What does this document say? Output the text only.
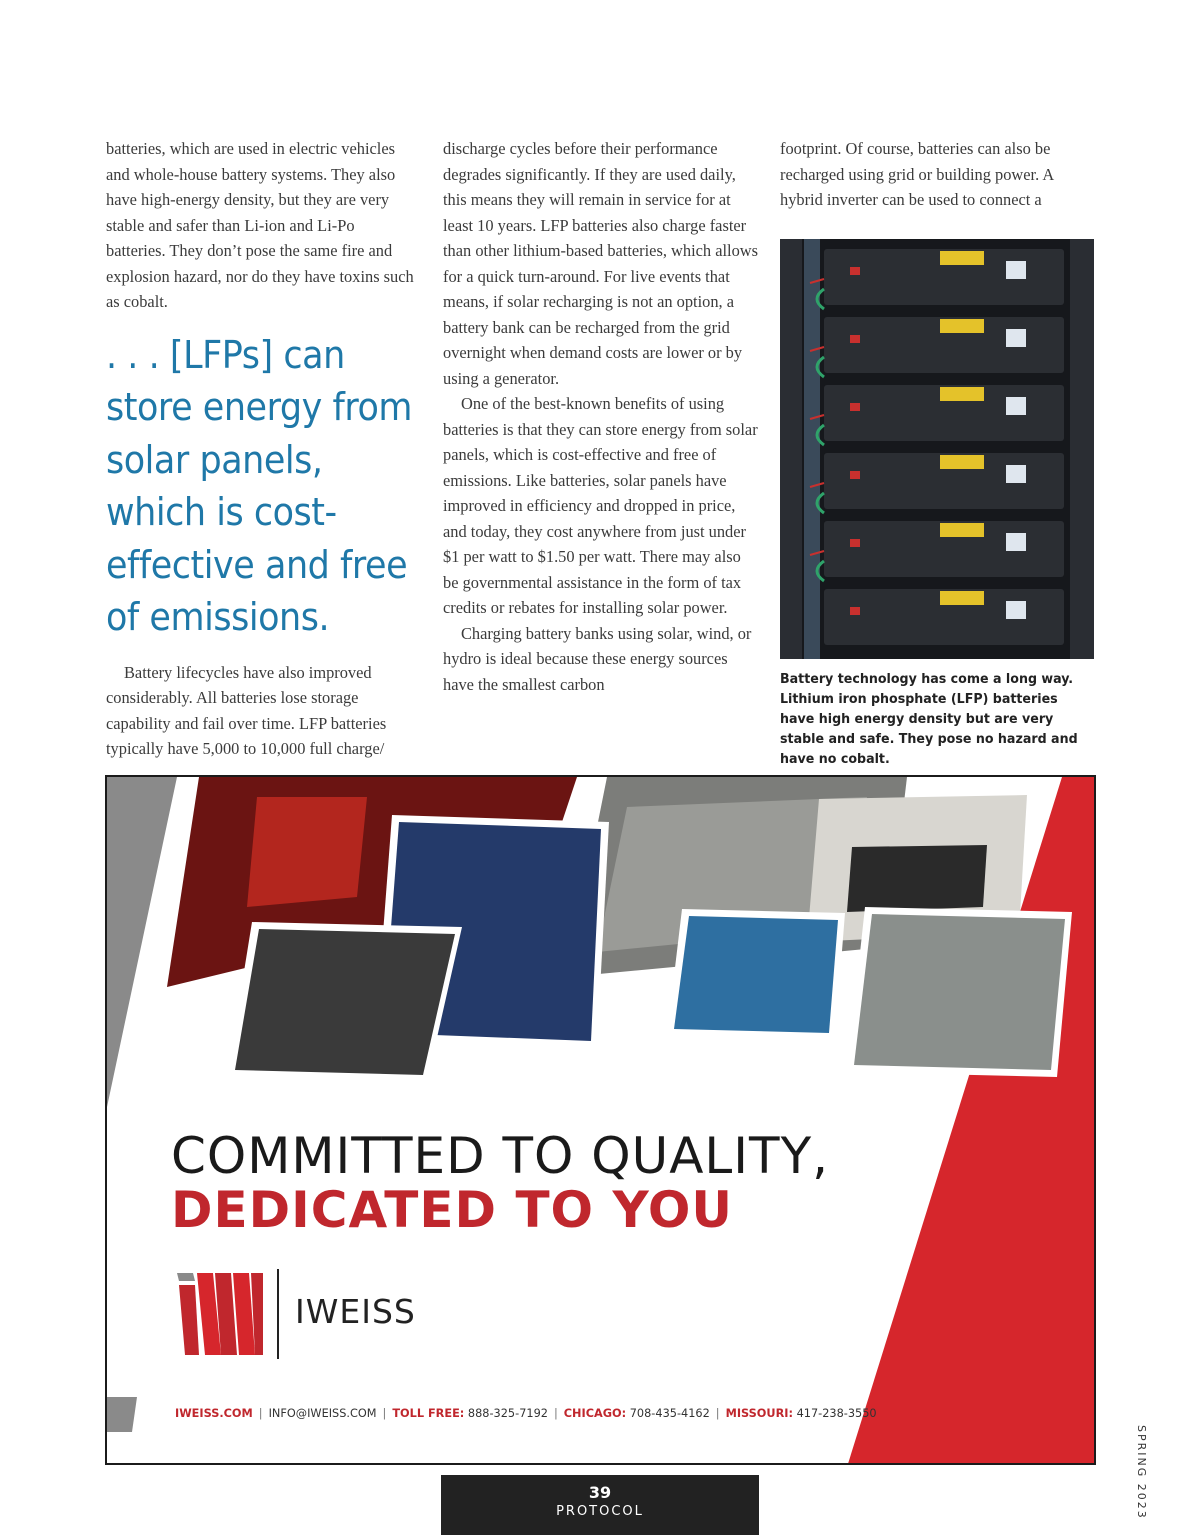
batteries, which are used in electric vehicles and whole-house battery systems. They also have high-energy density, but they are very stable and safer than Li-ion and Li-Po batteries. They don’t pose the same fire and explosion hazard, nor do they have toxins such as cobalt.

. . . [LFPs] can store energy from solar panels, which is cost-effective and free of emissions.

Battery lifecycles have also improved considerably. All batteries lose storage capability and fail over time. LFP batteries typically have 5,000 to 10,000 full charge/

discharge cycles before their performance degrades significantly. If they are used daily, this means they will remain in service for at least 10 years. LFP batteries also charge faster than other lithium-based batteries, which allows for a quick turn-around. For live events that means, if solar recharging is not an option, a battery bank can be recharged from the grid overnight when demand costs are lower or by using a generator.

One of the best-known benefits of using batteries is that they can store energy from solar panels, which is cost-effective and free of emissions. Like batteries, solar panels have improved in efficiency and dropped in price, and today, they cost anywhere from just under $1 per watt to $1.50 per watt. There may also be governmental assistance in the form of tax credits or rebates for installing solar power.

Charging battery banks using solar, wind, or hydro is ideal because these energy sources have the smallest carbon

footprint. Of course, batteries can also be recharged using grid or building power. A hybrid inverter can be used to connect a

Battery technology has come a long way. Lithium iron phosphate (LFP) batteries have high energy density but are very stable and safe. They pose no hazard and have no cobalt.
COMMITTED TO QUALITY,
DEDICATED TO YOU
IWEISS
IWEISS.COM | INFO@IWEISS.COM | TOLL FREE: 888-325-7192 | CHICAGO: 708-435-4162 | MISSOURI: 417-238-3550
39
PROTOCOL	SPRING 2023
